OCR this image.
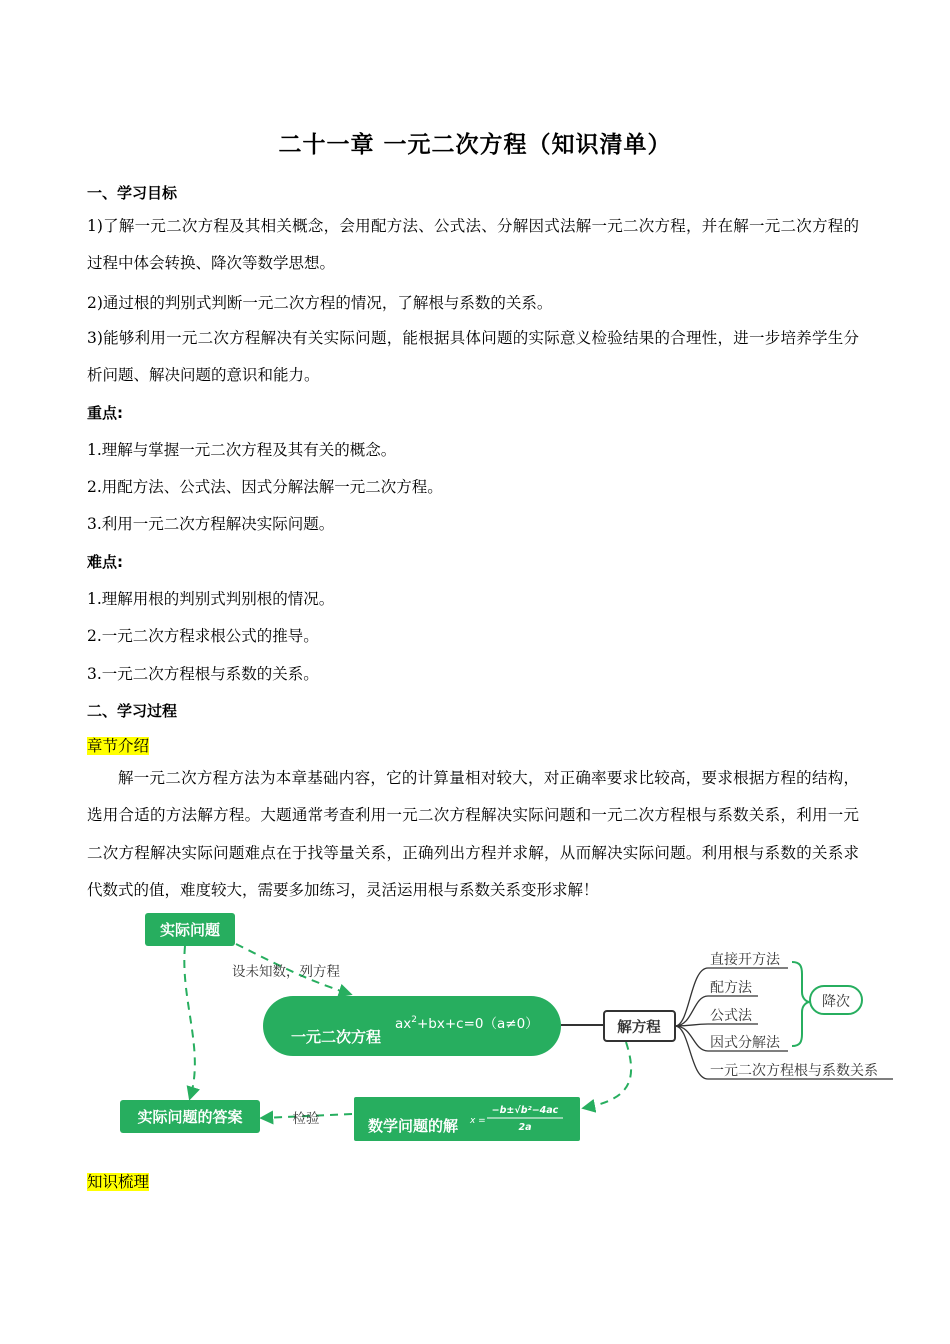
二十一章 一元二次方程（知识清单）
一、学习目标
1)了解一元二次方程及其相关概念，会用配方法、公式法、分解因式法解一元二次方程，并在解一元二次方程的过程中体会转换、降次等数学思想。
2)通过根的判别式判断一元二次方程的情况，了解根与系数的关系。
3)能够利用一元二次方程解决有关实际问题，能根据具体问题的实际意义检验结果的合理性，进一步培养学生分析问题、解决问题的意识和能力。
重点:
1.理解与掌握一元二次方程及其有关的概念。
2.用配方法、公式法、因式分解法解一元二次方程。
3.利用一元二次方程解决实际问题。
难点:
1.理解用根的判别式判别根的情况。
2.一元二次方程求根公式的推导。
3.一元二次方程根与系数的关系。
二、学习过程
章节介绍
解一元二次方程方法为本章基础内容，它的计算量相对较大，对正确率要求比较高，要求根据方程的结构，选用合适的方法解方程。大题通常考查利用一元二次方程解决实际问题和一元二次方程根与系数关系，利用一元二次方程解决实际问题难点在于找等量关系，正确列出方程并求解，从而解决实际问题。利用根与系数的关系求代数式的值，难度较大，需要多加练习，灵活运用根与系数关系变形求解！
实际问题
设未知数，列方程
一元二次方程
$ax^2+bx+c=0(a\ne 0)$	解方程
直接开方法
配方法
公式法
因式分解法
一元二次方程根与系数关系
降次
数学问题的解 x =
−b±√b²−4ac
2a
检验
实际问题的答案
知识梳理
